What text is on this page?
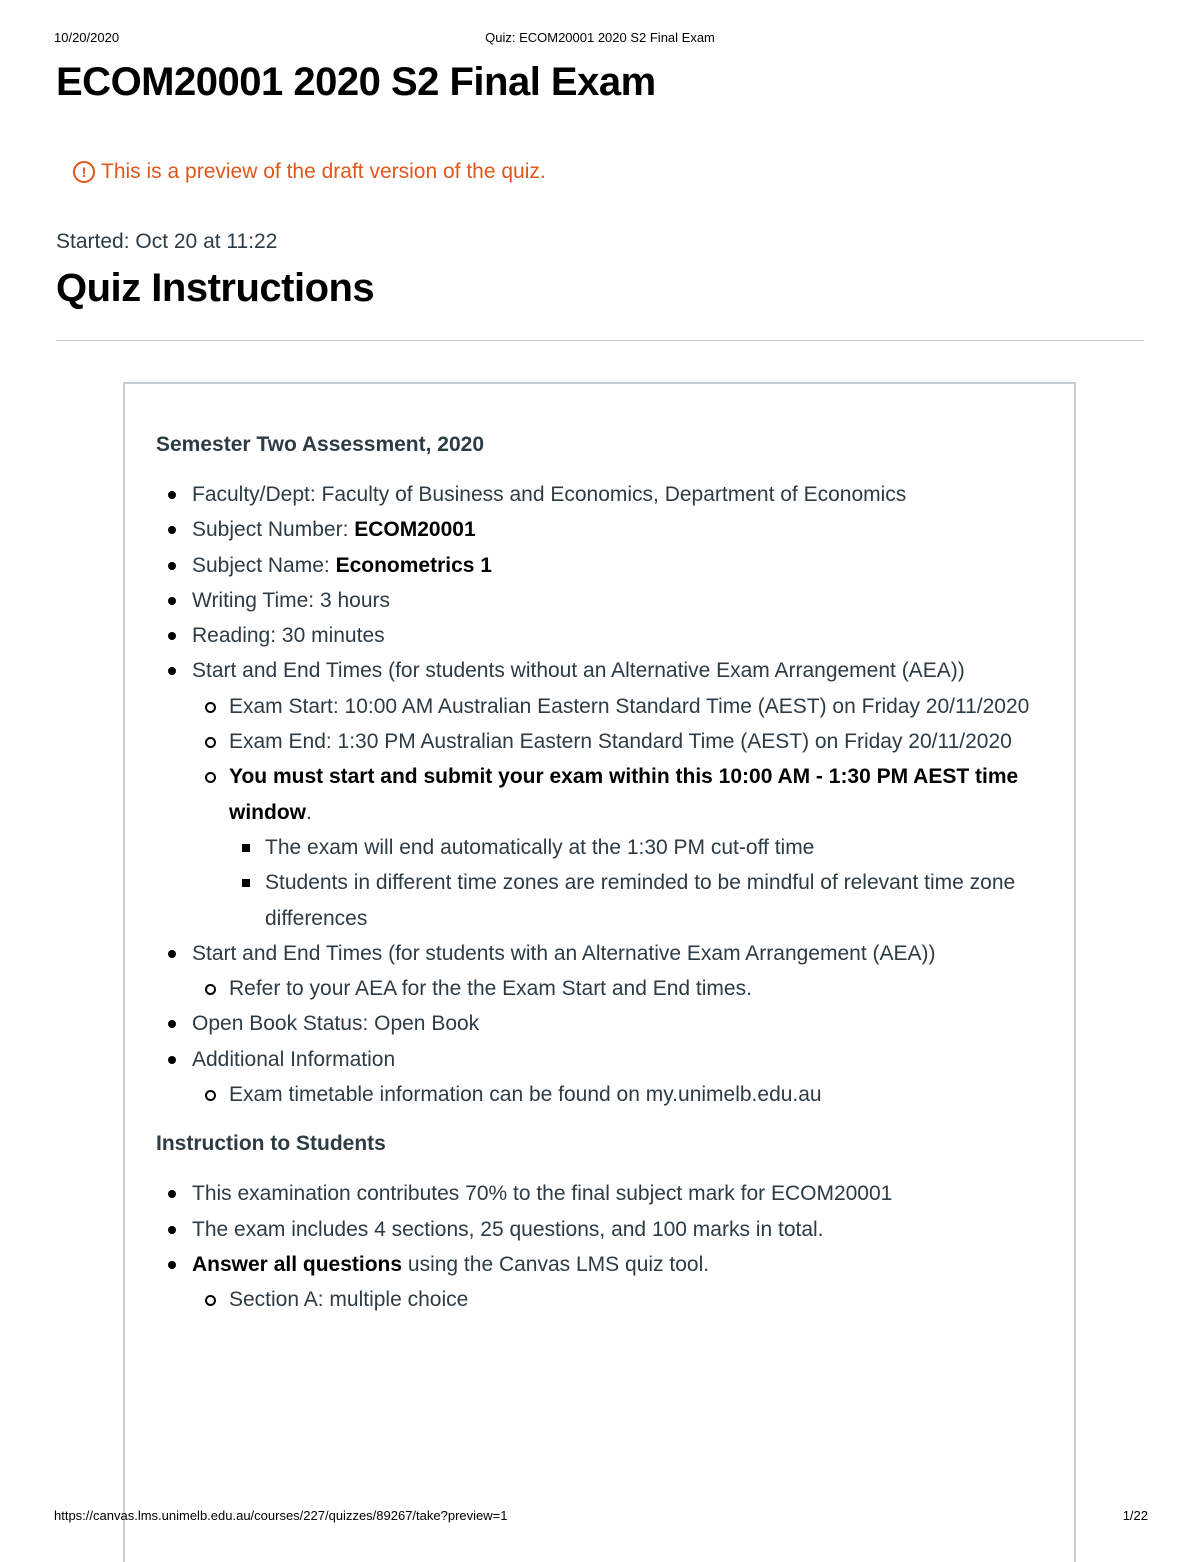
10/20/2020	Quiz: ECOM20001 2020 S2 Final Exam
ECOM20001 2020 S2 Final Exam
! This is a preview of the draft version of the quiz.
Started: Oct 20 at 11:22
Quiz Instructions

Semester Two Assessment, 2020

Faculty/Dept: Faculty of Business and Economics, Department of Economics
Subject Number: ECOM20001
Subject Name: Econometrics 1
Writing Time: 3 hours
Reading: 30 minutes
Start and End Times (for students without an Alternative Exam Arrangement (AEA))
Exam Start: 10:00 AM Australian Eastern Standard Time (AEST) on Friday 20/11/2020
Exam End: 1:30 PM Australian Eastern Standard Time (AEST) on Friday 20/11/2020
You must start and submit your exam within this 10:00 AM - 1:30 PM AEST time window.
The exam will end automatically at the 1:30 PM cut-off time
Students in different time zones are reminded to be mindful of relevant time zone differences
Start and End Times (for students with an Alternative Exam Arrangement (AEA))
Refer to your AEA for the the Exam Start and End times.
Open Book Status: Open Book
Additional Information
Exam timetable information can be found on my.unimelb.edu.au

Instruction to Students

This examination contributes 70% to the final subject mark for ECOM20001
The exam includes 4 sections, 25 questions, and 100 marks in total.
Answer all questions using the Canvas LMS quiz tool.
Section A: multiple choice
https://canvas.lms.unimelb.edu.au/courses/227/quizzes/89267/take?preview=1	1/22
